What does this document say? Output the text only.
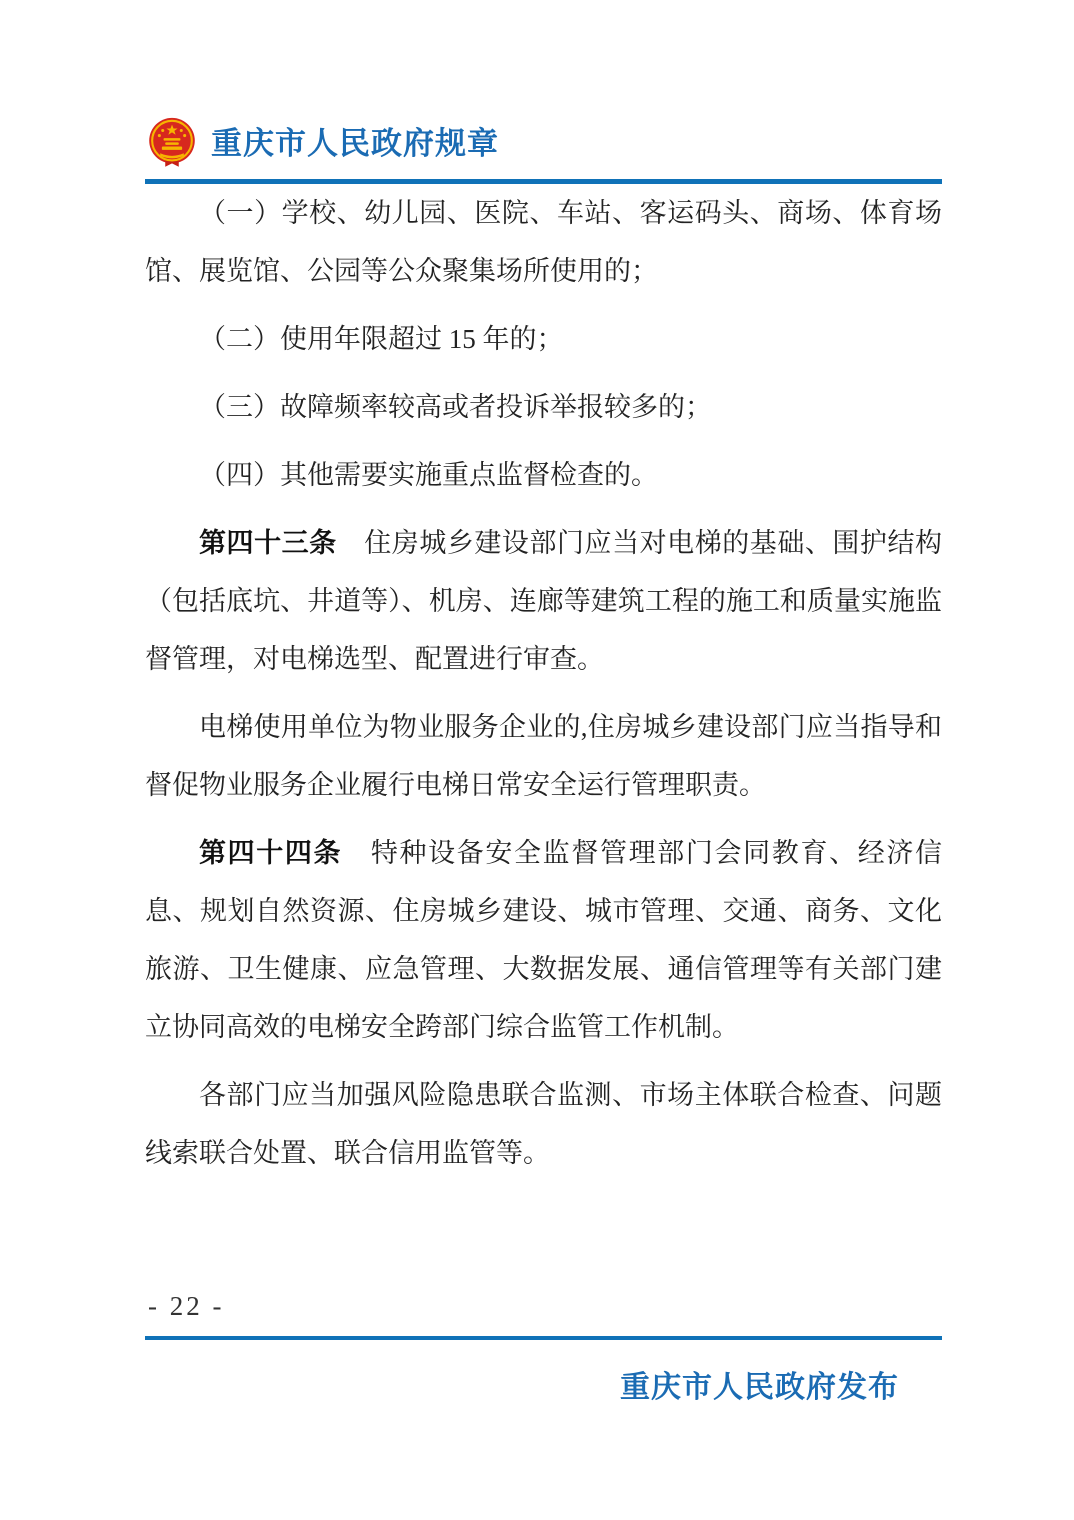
重庆市人民政府规章

（一）学校、幼儿园、医院、车站、客运码头、商场、体育场馆、展览馆、公园等公众聚集场所使用的；

（二）使用年限超过 15 年的；

（三）故障频率较高或者投诉举报较多的；

（四）其他需要实施重点监督检查的。

第四十三条　住房城乡建设部门应当对电梯的基础、围护结构（包括底坑、井道等）、机房、连廊等建筑工程的施工和质量实施监督管理，对电梯选型、配置进行审查。

电梯使用单位为物业服务企业的,住房城乡建设部门应当指导和督促物业服务企业履行电梯日常安全运行管理职责。

第四十四条　特种设备安全监督管理部门会同教育、经济信息、规划自然资源、住房城乡建设、城市管理、交通、商务、文化旅游、卫生健康、应急管理、大数据发展、通信管理等有关部门建立协同高效的电梯安全跨部门综合监管工作机制。

各部门应当加强风险隐患联合监测、市场主体联合检查、问题线索联合处置、联合信用监管等。

- 22 -
重庆市人民政府发布
